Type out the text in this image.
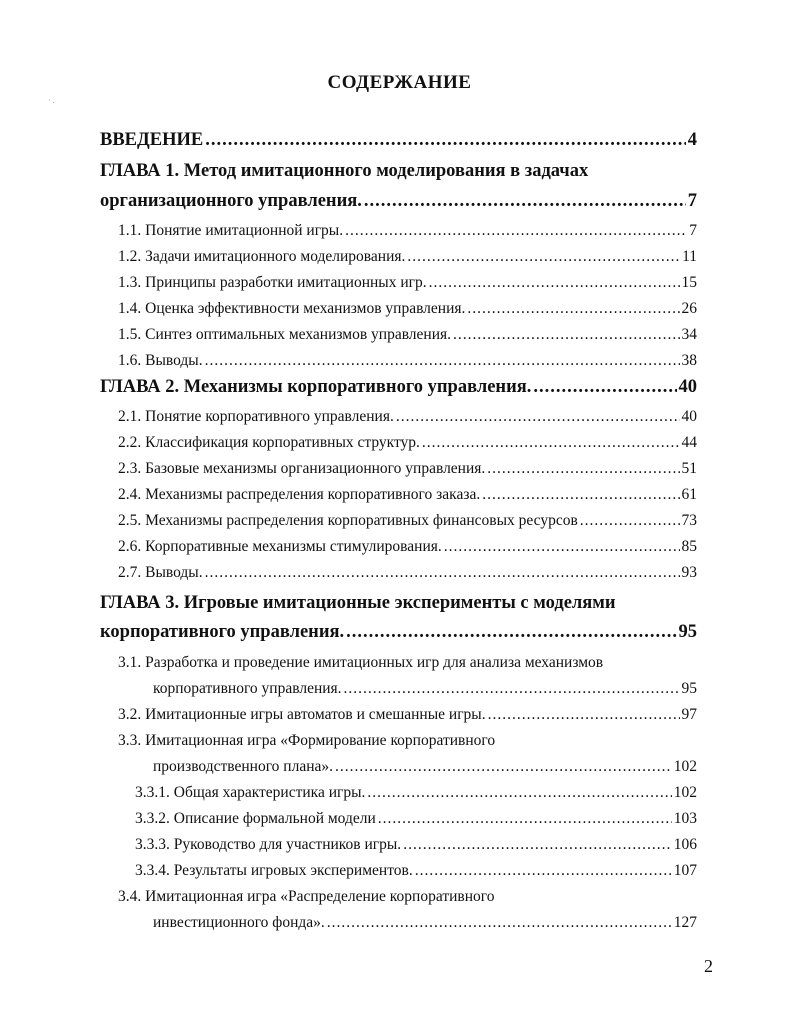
· .
СОДЕРЖАНИЕ
ВВЕДЕНИЕ .....	4
ГЛАВА 1. Метод имитационного моделирования в задачах
организационного управления. .....	7
1.1. Понятие имитационной игры. .....	7
1.2. Задачи имитационного моделирования. .....	11
1.3. Принципы разработки имитационных игр. .....	15
1.4. Оценка эффективности механизмов управления. .....	26
1.5. Синтез оптимальных механизмов управления. .....	34
1.6. Выводы. .....	38
ГЛАВА 2. Механизмы корпоративного управления. .....	40
2.1. Понятие корпоративного управления. .....	40
2.2. Классификация корпоративных структур. .....	44
2.3. Базовые механизмы организационного управления. .....	51
2.4. Механизмы распределения корпоративного заказа. .....	61
2.5. Механизмы распределения корпоративных финансовых ресурсов .....	73
2.6. Корпоративные механизмы стимулирования. .....	85
2.7. Выводы. .....	93
ГЛАВА 3. Игровые имитационные эксперименты с моделями
корпоративного управления. .....	95
3.1. Разработка и проведение имитационных игр для анализа механизмов
корпоративного управления. .....	95
3.2. Имитационные игры автоматов и смешанные игры. .....	97
3.3. Имитационная игра «Формирование корпоративного
производственного плана». .....	102
3.3.1. Общая характеристика игры. .....	102
3.3.2. Описание формальной модели .....	103
3.3.3. Руководство для участников игры. .....	106
3.3.4. Результаты игровых экспериментов. .....	107
3.4. Имитационная игра «Распределение корпоративного
инвестиционного фонда». .....	127
2
